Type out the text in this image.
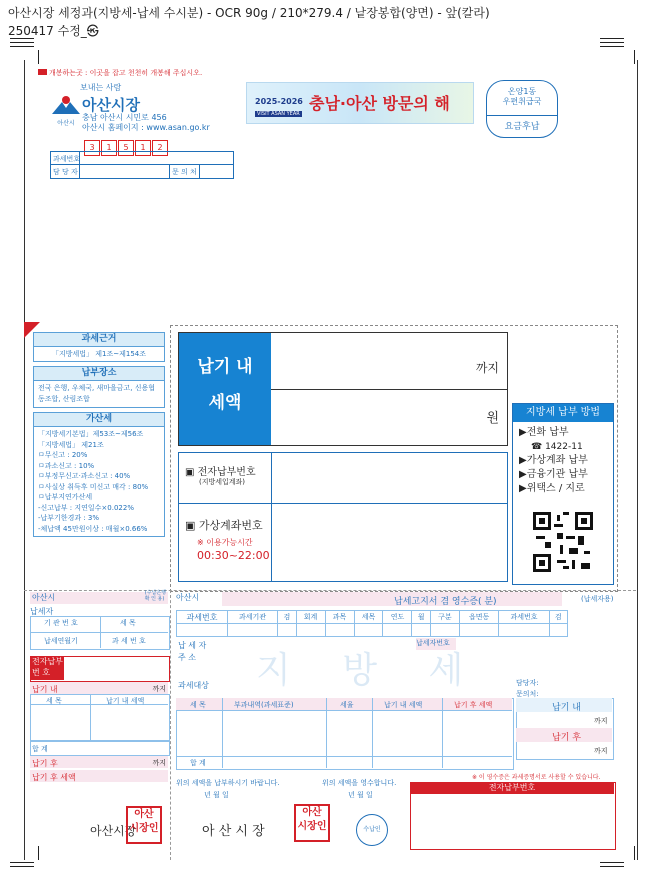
아산시장 세정과(지방세-납세 수시분) - OCR 90g / 210*279.4 / 낱장봉합(양면) - 앞(칼라)
250417 수정_㉿
개봉하는곳 : 이곳을 잡고 천천히 개봉해 주십시오.
보내는 사람
아산시
아산시장
충남 아산시 시민로 456
아산시 홈페이지 : www.asan.go.kr
3 1 5 1 2
2025-2026 충남·아산 방문의 해
VISIT ASAN YEAR
온양1동
우편취급국
요금후납
과세번호
담 당 자	문 의 처
과세근거
「지방세법」 제1조~제154조
납부장소
전국 은행, 우체국, 새마을금고, 신용협동조합, 산림조합
가산세
「지방세기본법」제53조~제56조
「지방세법」 제21조
ㅁ무신고 : 20%
ㅁ과소신고 : 10%
ㅁ부정무신고·과소신고 : 40%
ㅁ사실상 취득후 미신고 매각 : 80%
ㅁ납부지연가산세
-신고납부 : 지연일수×0.022%
-납부기한경과 : 3%
-체납액 45만원이상 : 매월×0.66%
납기 내
세액
까지
원
▣ 전자납부번호
(지방세입계좌)
▣ 가상계좌번호
※ 이용가능시간
00:30~22:00
지방세 납부 방법
▶전화 납부
☎ 1422-11
▶가상계좌 납부
▶금융기관 납부
▶위택스 / 지로
아산시	(수납은행
확 인 용)
납세자
기 관 번 호	세 목
납세연월기	과 세 번 호
전자납부
번 호
납기 내	까지
세 목	납기 내 세액
합 계
납기 후	까지
납기 후 세액
아산시장
아산
시장인
아산시	납세고지서 겸 영수증( 분)	(납세자용)
과세번호	과세기관	검	회계	과목	세목	연도	월	구분	읍면동	과세번호	검

납 세 자	납세자번호
주 소 지 방 세
과세대상	담당자:
문의처:
세 목	부과내역(과세표준)	세율	납기 내 세액	납기 후 세액
합 계
납기 내
까지
납기 후
까지
위의 세액을 납부하시기 바랍니다.	위의 세액을 영수합니다.
년 월 일	년 월 일
※ 이 영수증은 과세증명서로 사용할 수 있습니다.
전자납부번호
아 산 시 장
아산
시장인	수납인
